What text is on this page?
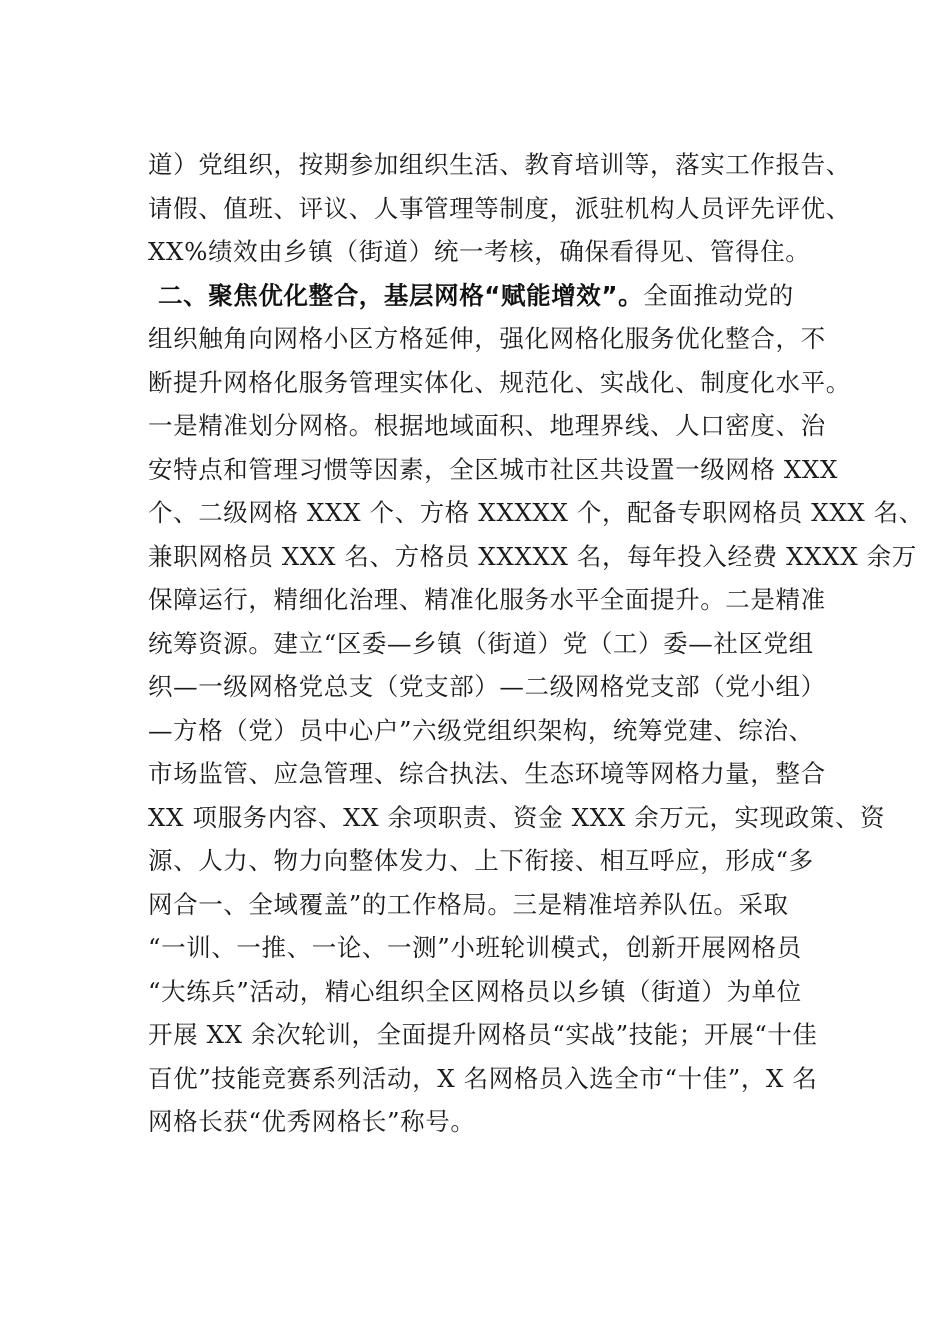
道）党组织，按期参加组织生活、教育培训等，落实工作报告、
请假、值班、评议、人事管理等制度，派驻机构人员评先评优、
XX%绩效由乡镇（街道）统一考核，确保看得见、管得住。
二、聚焦优化整合，基层网格“赋能增效”。全面推动党的
组织触角向网格小区方格延伸，强化网格化服务优化整合，不
断提升网格化服务管理实体化、规范化、实战化、制度化水平。
一是精准划分网格。根据地域面积、地理界线、人口密度、治
安特点和管理习惯等因素，全区城市社区共设置一级网格 XXX
个、二级网格 XXX 个、方格 XXXXX 个，配备专职网格员 XXX 名、
兼职网格员 XXX 名、方格员 XXXXX 名，每年投入经费 XXXX 余万
保障运行，精细化治理、精准化服务水平全面提升。二是精准
统筹资源。建立“区委—乡镇（街道）党（工）委—社区党组
织—一级网格党总支（党支部）—二级网格党支部（党小组）
—方格（党）员中心户”六级党组织架构，统筹党建、综治、
市场监管、应急管理、综合执法、生态环境等网格力量，整合
XX 项服务内容、XX 余项职责、资金 XXX 余万元，实现政策、资
源、人力、物力向整体发力、上下衔接、相互呼应，形成“多
网合一、全域覆盖”的工作格局。三是精准培养队伍。采取
“一训、一推、一论、一测”小班轮训模式，创新开展网格员
“大练兵”活动，精心组织全区网格员以乡镇（街道）为单位
开展 XX 余次轮训，全面提升网格员“实战”技能；开展“十佳
百优”技能竞赛系列活动，X 名网格员入选全市“十佳”，X 名
网格长获“优秀网格长”称号。
